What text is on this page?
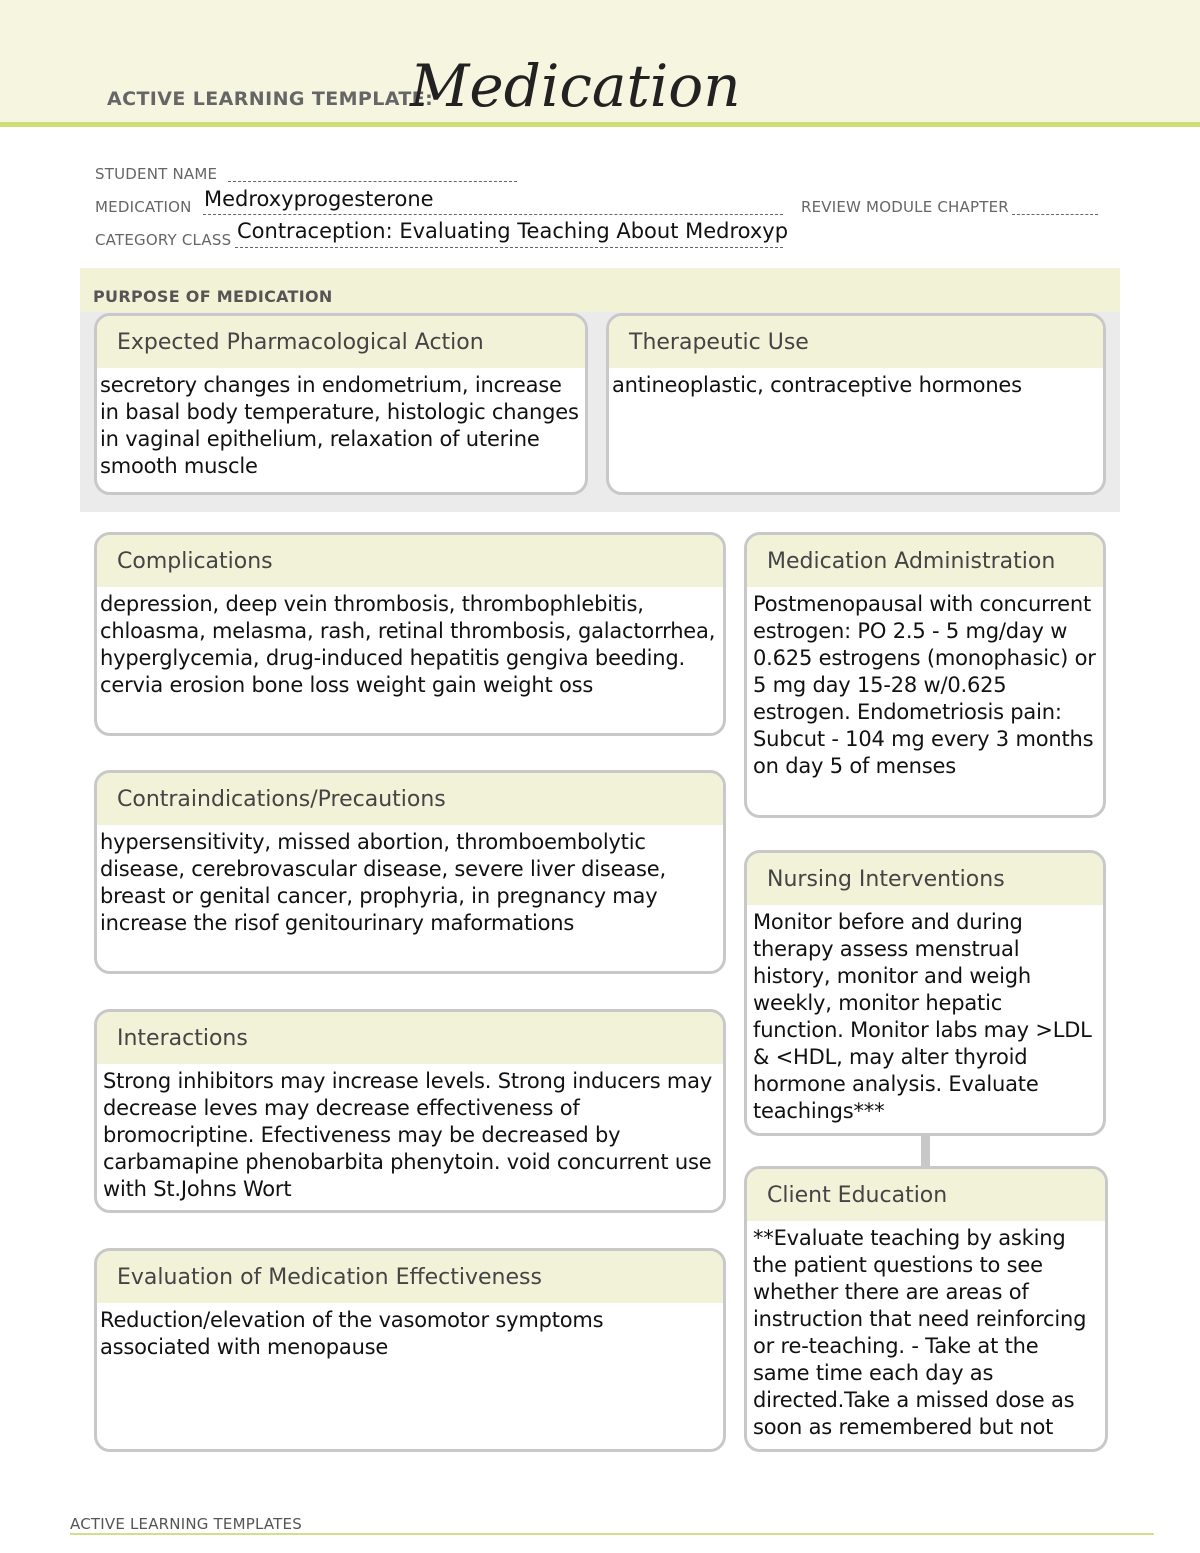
ACTIVE LEARNING TEMPLATE:
Medication
STUDENT NAME
MEDICATION Medroxyprogesterone	REVIEW MODULE CHAPTER
CATEGORY CLASS Contraception: Evaluating Teaching About Medroxyp
PURPOSE OF MEDICATION
Expected Pharmacological Action
secretory changes in endometrium, increase in basal body temperature, histologic changes in vaginal epithelium, relaxation of uterine smooth muscle
Therapeutic Use
antineoplastic, contraceptive hormones
Complications
depression, deep vein thrombosis, thrombophlebitis, chloasma, melasma, rash, retinal thrombosis, galactorrhea, hyperglycemia, drug-induced hepatitis gengiva beeding. cervia erosion bone loss weight gain weight oss
Contraindications/Precautions
hypersensitivity, missed abortion, thromboembolytic disease, cerebrovascular disease, severe liver disease, breast or genital cancer, prophyria, in pregnancy may increase the risof genitourinary maformations
Interactions
Strong inhibitors may increase levels. Strong inducers may decrease leves may decrease effectiveness of bromocriptine. Efectiveness may be decreased by carbamapine phenobarbita phenytoin. void concurrent use with St.Johns Wort
Evaluation of Medication Effectiveness
Reduction/elevation of the vasomotor symptoms associated with menopause
Medication Administration
Postmenopausal with concurrent estrogen: PO 2.5 - 5 mg/day w 0.625 estrogens (monophasic) or 5 mg day 15-28 w/0.625 estrogen. Endometriosis pain: Subcut - 104 mg every 3 months on day 5 of menses
Nursing Interventions
Monitor before and during therapy assess menstrual history, monitor and weigh weekly, monitor hepatic function. Monitor labs may >LDL & <HDL, may alter thyroid hormone analysis. Evaluate teachings***
Client Education
**Evaluate teaching by asking the patient questions to see whether there are areas of instruction that need reinforcing or re-teaching. - Take at the same time each day as directed.Take a missed dose as soon as remembered but not
ACTIVE LEARNING TEMPLATES
